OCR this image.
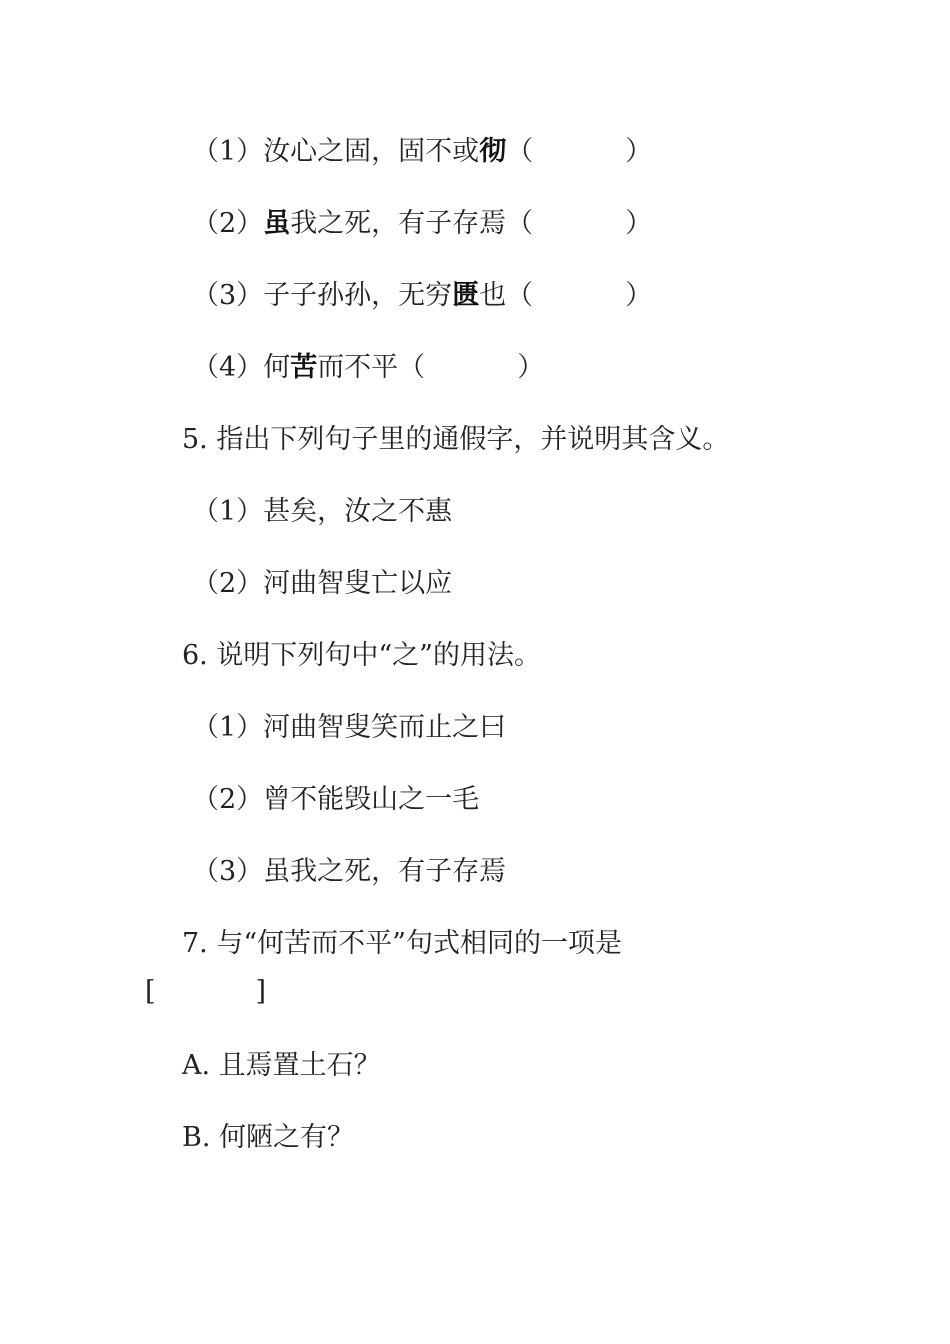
（1）汝心之固，固不或彻（	）
（2）虽我之死，有子存焉（	）
（3）子子孙孙，无穷匮也（	）
（4）何苦而不平（	）
5. 指出下列句子里的通假字，并说明其含义。
（1）甚矣，汝之不惠
（2）河曲智叟亡以应
6. 说明下列句中“之”的用法。
（1）河曲智叟笑而止之曰
（2）曾不能毁山之一毛
（3）虽我之死，有子存焉
7. 与“何苦而不平”句式相同的一项是
[	]
A. 且焉置土石？
B. 何陋之有？
